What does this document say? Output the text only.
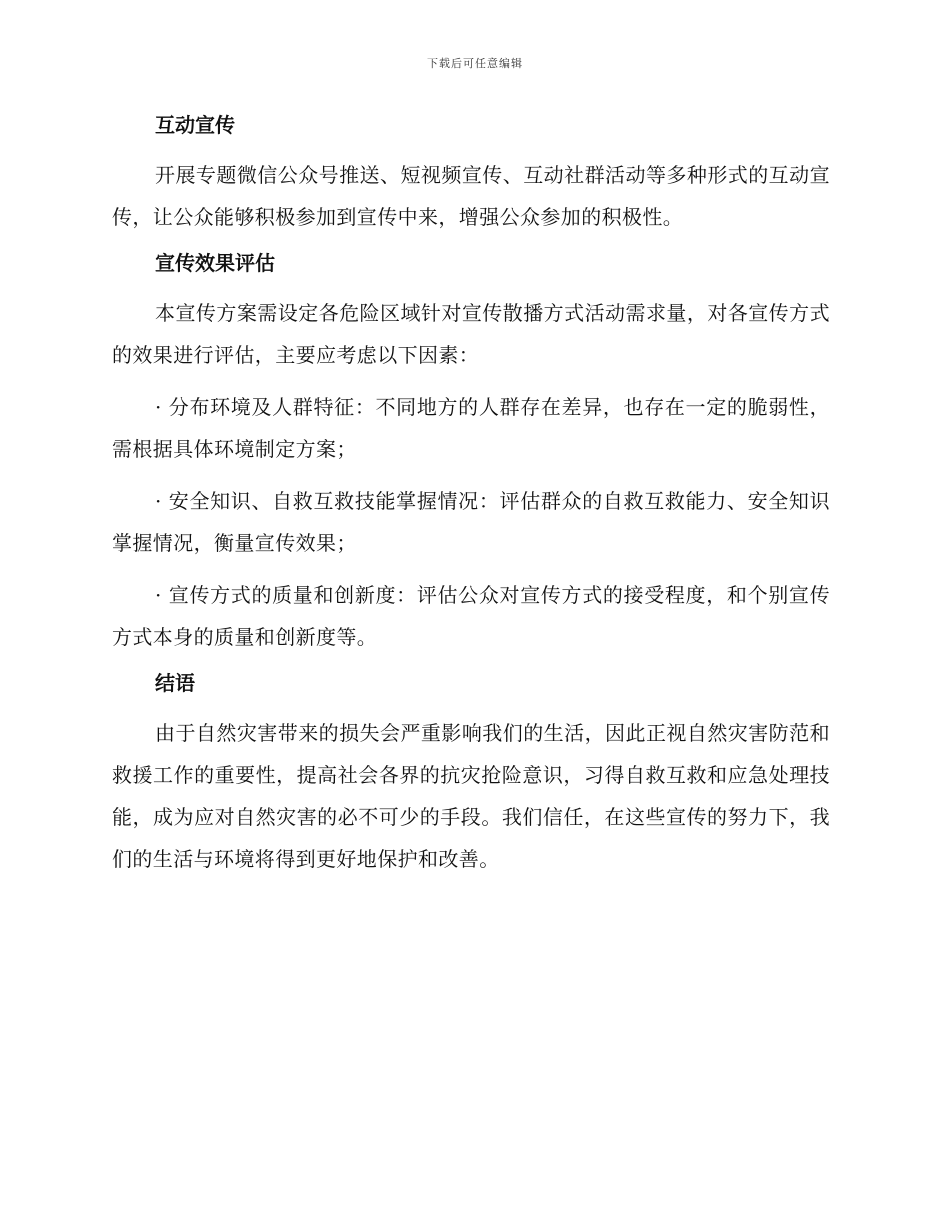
下载后可任意编辑
互动宣传

开展专题微信公众号推送、短视频宣传、互动社群活动等多种形式的互动宣传，让公众能够积极参加到宣传中来，增强公众参加的积极性。

宣传效果评估

本宣传方案需设定各危险区域针对宣传散播方式活动需求量，对各宣传方式的效果进行评估，主要应考虑以下因素：

· 分布环境及人群特征：不同地方的人群存在差异，也存在一定的脆弱性，需根据具体环境制定方案；

· 安全知识、自救互救技能掌握情况：评估群众的自救互救能力、安全知识掌握情况，衡量宣传效果；

· 宣传方式的质量和创新度：评估公众对宣传方式的接受程度，和个别宣传方式本身的质量和创新度等。

结语

由于自然灾害带来的损失会严重影响我们的生活，因此正视自然灾害防范和救援工作的重要性，提高社会各界的抗灾抢险意识，习得自救互救和应急处理技能，成为应对自然灾害的必不可少的手段。我们信任，在这些宣传的努力下，我们的生活与环境将得到更好地保护和改善。
